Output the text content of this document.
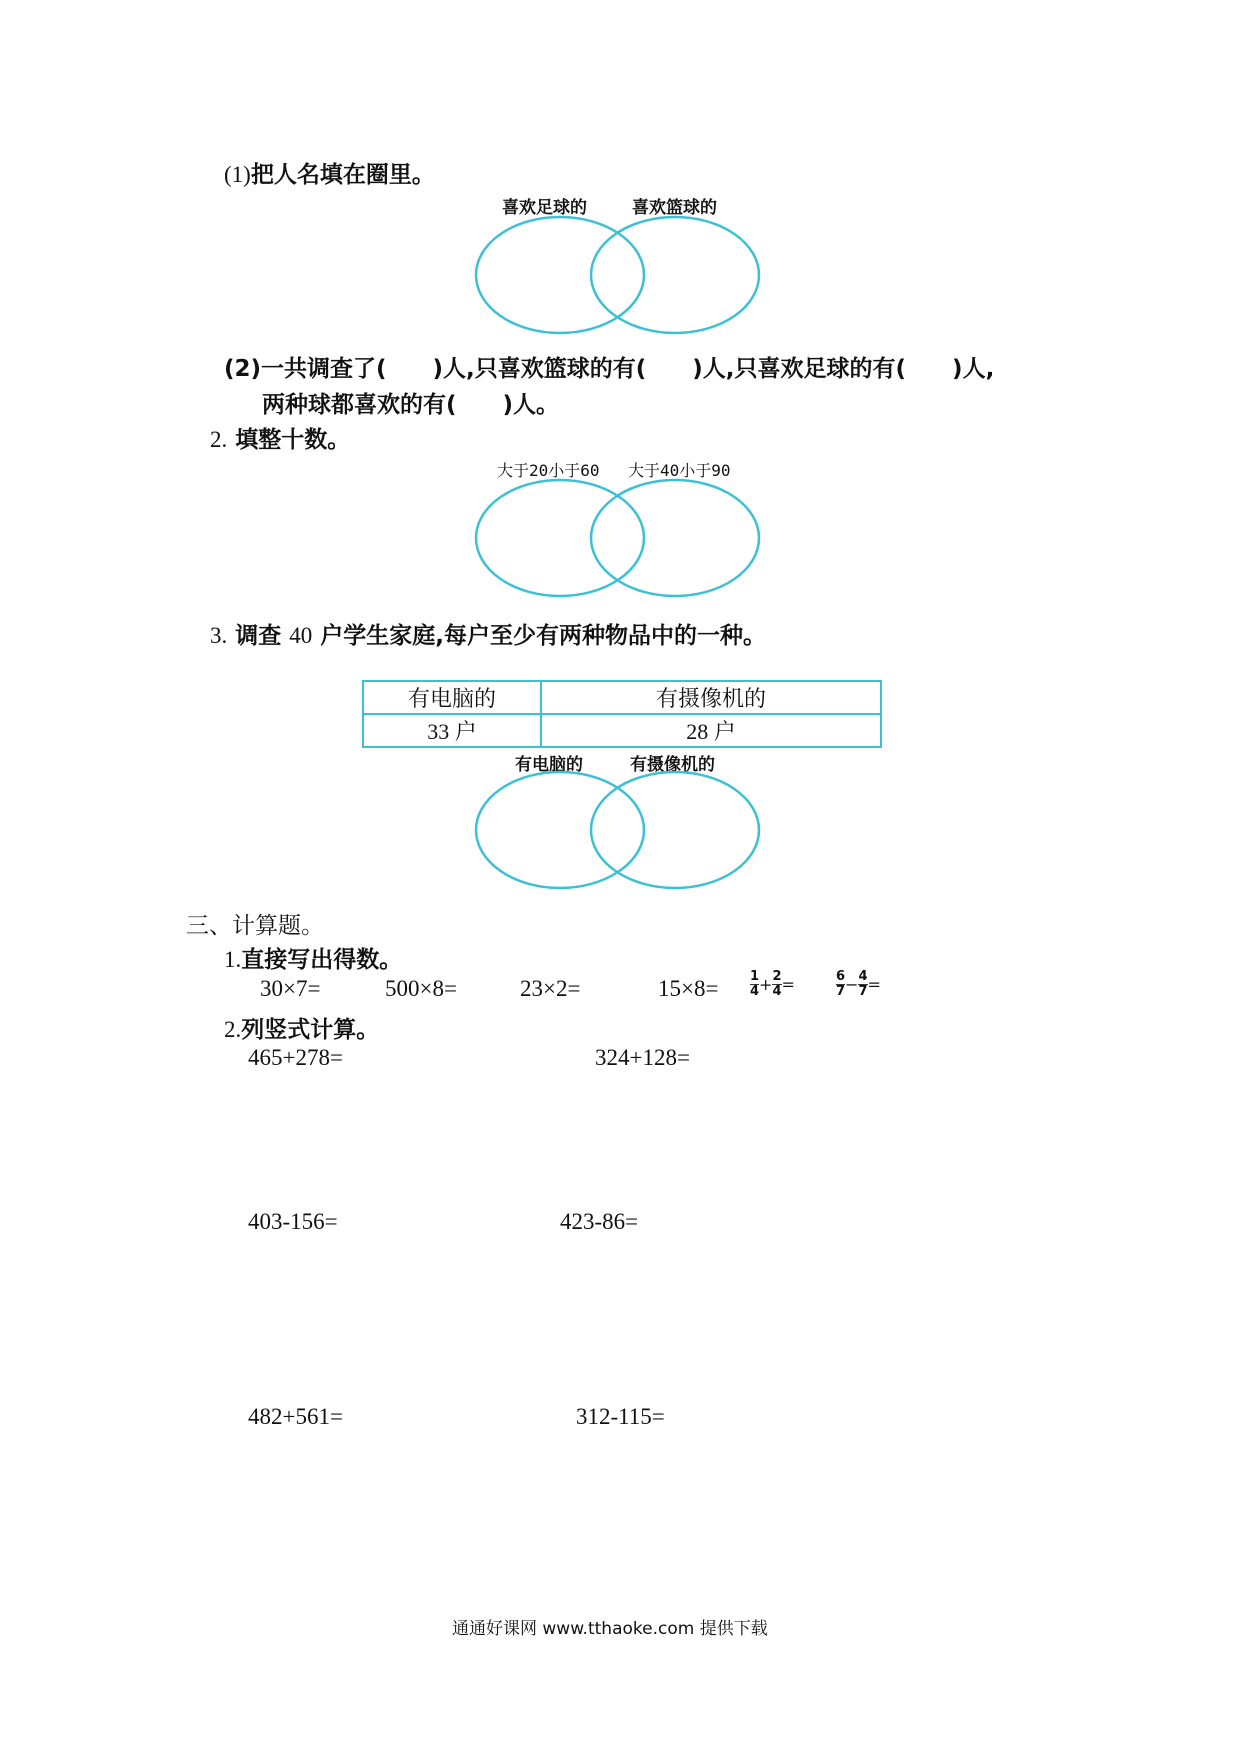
(1)把人名填在圈里。
喜欢足球的	喜欢篮球的
(2)一共调查了(　　)人,只喜欢篮球的有(　　)人,只喜欢足球的有(　　)人,
两种球都喜欢的有(　　)人。
2. 填整十数。
大于20小于60 大于40小于90
3. 调查 40 户学生家庭,每户至少有两种物品中的一种。
有电脑的	有摄像机的
33 户	28 户
有电脑的	有摄像机的
三、计算题。
1.直接写出得数。
30×7=	500×8=	23×2=	$15\times 8= \frac{1}{4} + \frac{2}{4}$ =	$\frac{6}{7} - \frac{4}{7}$ =
2.列竖式计算。
465+278=	324+128=
403-156=	423-86=
482+561=	312-115=
通通好课网 www.tthaoke.com 提供下载
